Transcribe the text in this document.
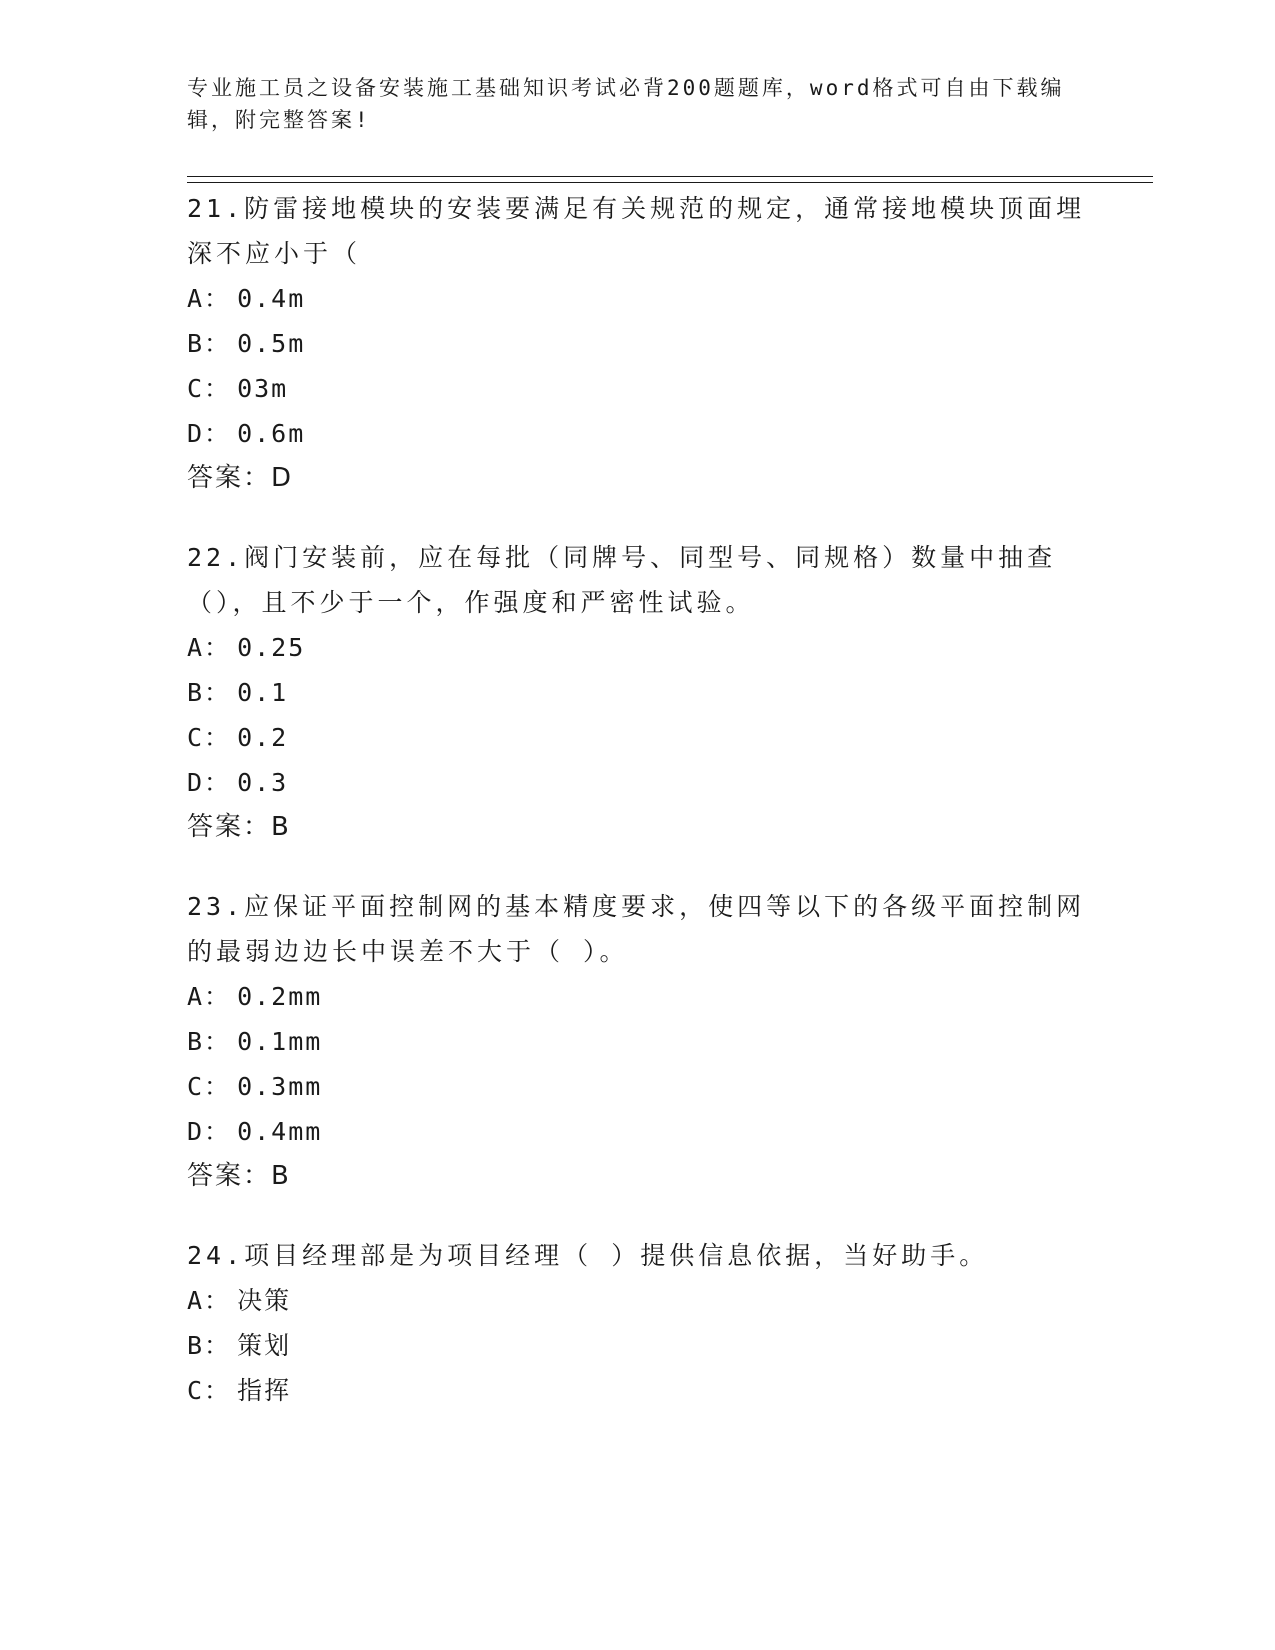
专业施工员之设备安装施工基础知识考试必背200题题库，word格式可自由下载编辑，附完整答案!

21.防雷接地模块的安装要满足有关规范的规定，通常接地模块顶面埋深不应小于（

A： 0.4m
B： 0.5m
C： 03m
D： 0.6m
答案：D

22.阀门安装前，应在每批（同牌号、同型号、同规格）数量中抽查（），且不少于一个，作强度和严密性试验。

A： 0.25
B： 0.1
C： 0.2
D： 0.3
答案：B

23.应保证平面控制网的基本精度要求，使四等以下的各级平面控制网的最弱边边长中误差不大于（ ）。

A： 0.2mm
B： 0.1mm
C： 0.3mm
D： 0.4mm
答案：B

24.项目经理部是为项目经理（ ）提供信息依据，当好助手。

A： 决策
B： 策划
C： 指挥
